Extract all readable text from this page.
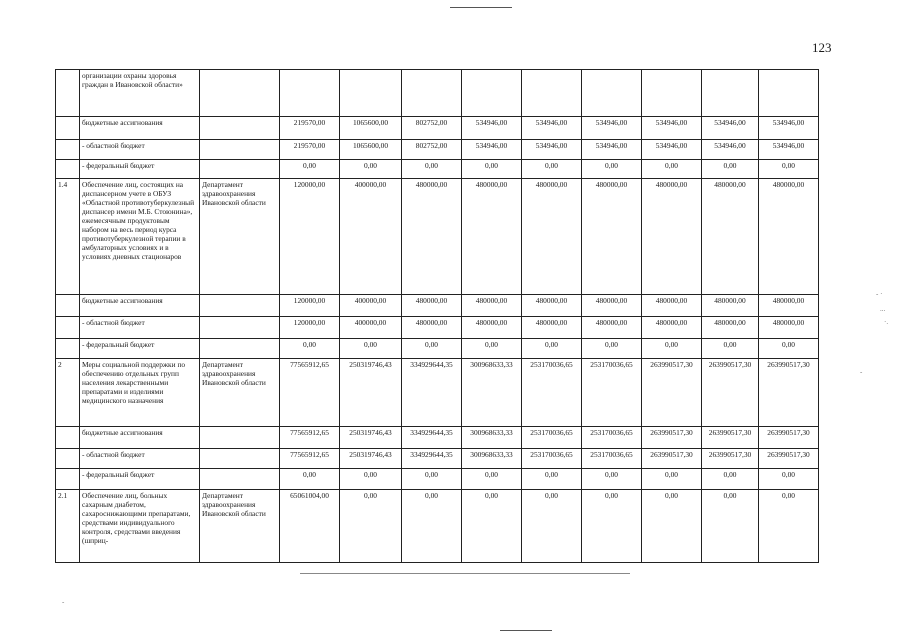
123
- ·
...
·.
-
-
	организации охраны здоровья граждан в Ивановской области»										
	бюджетные ассигнования		219570,00	1065600,00	802752,00	534946,00	534946,00	534946,00	534946,00	534946,00	534946,00
	- областной бюджет		219570,00	1065600,00	802752,00	534946,00	534946,00	534946,00	534946,00	534946,00	534946,00
	- федеральный бюджет		0,00	0,00	0,00	0,00	0,00	0,00	0,00	0,00	0,00
1.4	Обеспечение лиц, состоящих на диспансерном учете в ОБУЗ «Областной противотуберкулезный диспансер имени М.Б. Стоюнина», ежемесячным продуктовым набором на весь период курса противотуберкулезной терапии в амбулаторных условиях и в условиях дневных стационаров	Департамент здравоохранения Ивановской области	120000,00	400000,00	480000,00	480000,00	480000,00	480000,00	480000,00	480000,00	480000,00
	бюджетные ассигнования		120000,00	400000,00	480000,00	480000,00	480000,00	480000,00	480000,00	480000,00	480000,00
	- областной бюджет		120000,00	400000,00	480000,00	480000,00	480000,00	480000,00	480000,00	480000,00	480000,00
	- федеральный бюджет		0,00	0,00	0,00	0,00	0,00	0,00	0,00	0,00	0,00
2	Меры социальной поддержки по обеспечению отдельных групп населения лекарственными препаратами и изделиями медицинского назначения	Департамент здравоохранения Ивановской области	77565912,65	250319746,43	334929644,35	300968633,33	253170036,65	253170036,65	263990517,30	263990517,30	263990517,30
	бюджетные ассигнования		77565912,65	250319746,43	334929644,35	300968633,33	253170036,65	253170036,65	263990517,30	263990517,30	263990517,30
	- областной бюджет		77565912,65	250319746,43	334929644,35	300968633,33	253170036,65	253170036,65	263990517,30	263990517,30	263990517,30
	- федеральный бюджет		0,00	0,00	0,00	0,00	0,00	0,00	0,00	0,00	0,00
2.1	Обеспечение лиц, больных сахарным диабетом, сахароснижающими препаратами, средствами индивидуального контроля, средствами введения (шприц-	Департамент здравоохранения Ивановской области	65061004,00	0,00	0,00	0,00	0,00	0,00	0,00	0,00	0,00
